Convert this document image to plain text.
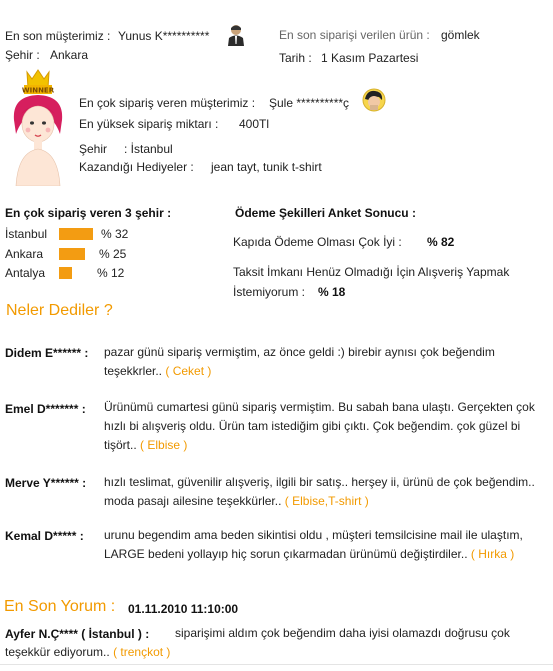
En son müşterimiz : Yunus K**********
Şehir : Ankara
En son siparişi verilen ürün : gömlek
Tarih : 1 Kasım Pazartesi
WINNER
En çok sipariş veren müşterimiz : Şule **********ç
En yüksek sipariş miktarı : 400Tl
Şehir : İstanbul
Kazandığı Hediyeler : jean tayt, tunik t-shirt
En çok sipariş veren 3 şehir :
İstanbul	% 32
Ankara	% 25
Antalya	% 12
Ödeme Şekilleri Anket Sonucu :
Kapıda Ödeme Olması Çok İyi : % 82
Taksit İmkanı Henüz Olmadığı İçin Alışveriş Yapmak
İstemiyorum : % 18
Neler Dediler ?
Didem E****** : pazar günü sipariş vermiştim, az önce geldi :) birebir aynısı çok beğendim teşekkrler.. ( Ceket )
Emel D******* : Ürünümü cumartesi günü sipariş vermiştim. Bu sabah bana ulaştı. Gerçekten çok hızlı bi alışveriş oldu. Ürün tam istediğim gibi çıktı. Çok beğendim. çok güzel bi tişört.. ( Elbise )
Merve Y****** : hızlı teslimat, güvenilir alışveriş, ilgili bir satış.. herşey ii, ürünü de çok beğendim.. moda pasajı ailesine teşekkürler.. ( Elbise,T-shirt )
Kemal D***** : urunu begendim ama beden sikintisi oldu , müşteri temsilcisine mail ile ulaştım, LARGE bedeni yollayıp hiç sorun çıkarmadan ürünümü değiştirdiler.. ( Hırka )
En Son Yorum : 01.11.2010 11:10:00
Ayfer N.Ç**** ( İstanbul ) :	siparişimi aldım çok beğendim daha iyisi olamazdı doğrusu çok teşekkür ediyorum.. ( trençkot )
